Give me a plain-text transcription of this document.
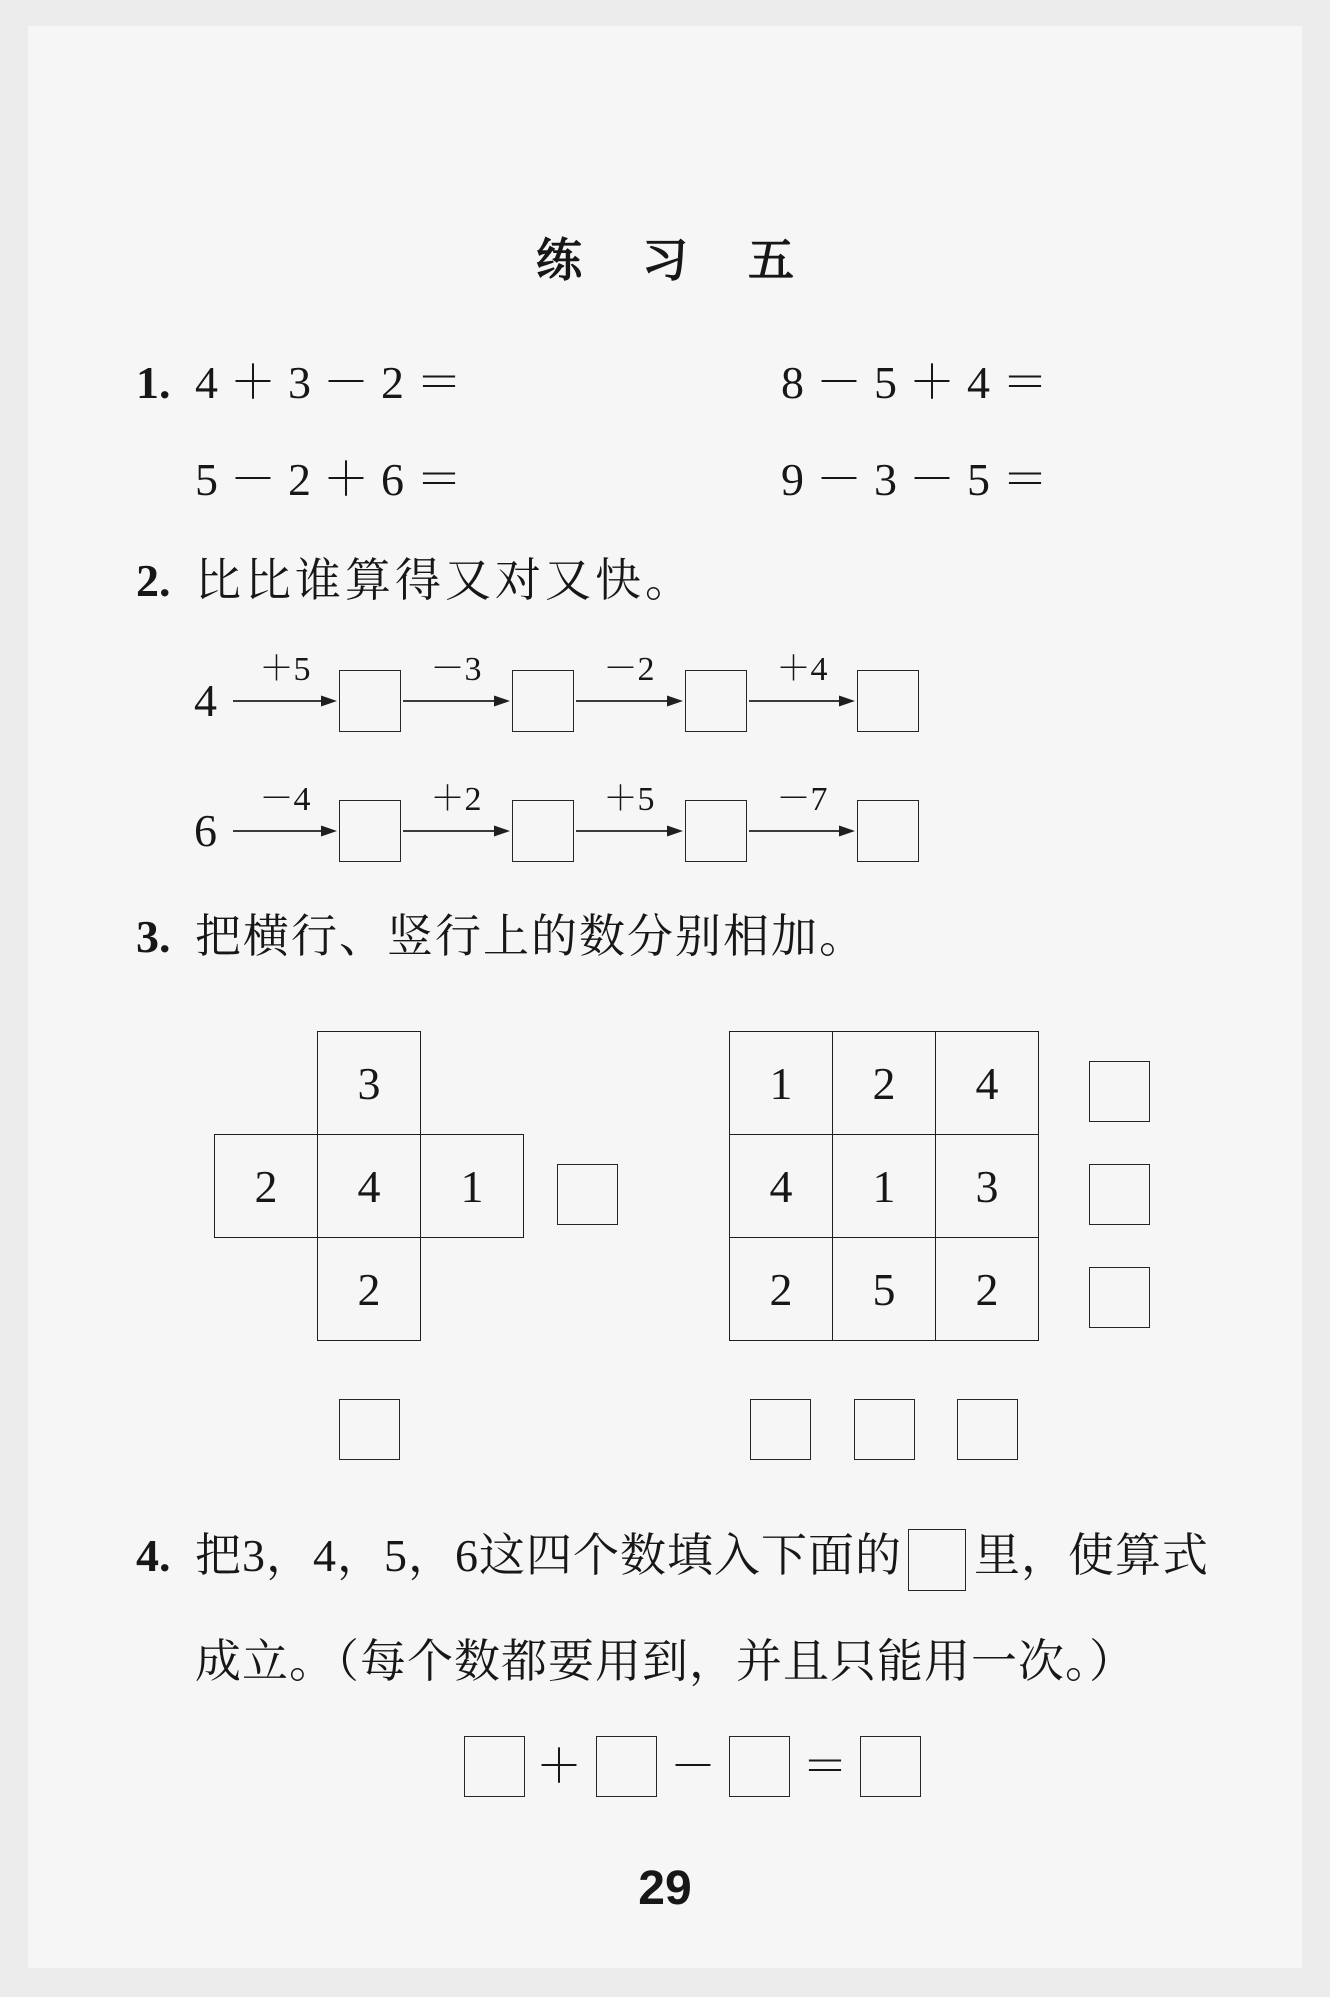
练 习 五
1. 4＋3－2＝	8－5＋4＝
5－2＋6＝	9－3－5＝
2. 比比谁算得又对又快。
4
＋5	－3	－2	＋4
6
－4	＋2	＋5	－7
3. 把横行、竖行上的数分别相加。
3
2	4	1
2
1	2	4
4	1	3
2	5	2
4. 把3，4，5，6这四个数填入下面的 里，使算式
成立。（每个数都要用到，并且只能用一次。）
＋ － ＝
29
